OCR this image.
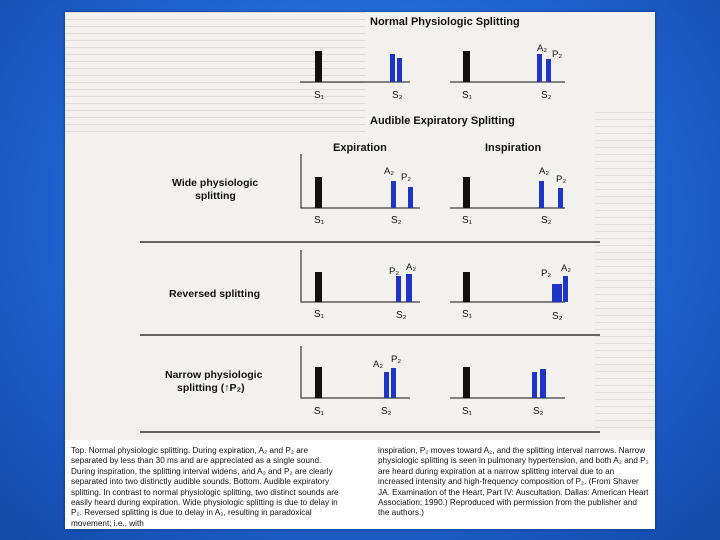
Normal Physiologic Splitting
Audible Expiratory Splitting
S₁	S₂
A₂
P₂
S₁	S₂
Expiration	Inspiration
Wide physiologic
splitting
A₂
P₂
S₁	S₂
A₂
P₂
S₁	S₂
Reversed splitting
P₂ A₂
S₁	S₂
P₂ A₂
S₁	S₂
Narrow physiologic
splitting (↑P₂)
A₂ P₂
S₁	S₂	S₁	S₂

Top. Normal physiologic splitting. During expiration, A₂ and P₂ are separated by less than 30 ms and are appreciated as a single sound. During inspiration, the splitting interval widens, and A₂ and P₂ are clearly separated into two distinctly audible sounds. Bottom. Audible expiratory splitting. In contrast to normal physiologic splitting, two distinct sounds are easily heard during expiration. Wide physiologic splitting is due to delay in P₂. Reversed splitting is due to delay in A₂, resulting in paradoxical movement; i.e., with

inspiration, P₂ moves toward A₂, and the splitting interval narrows. Narrow physiologic splitting is seen in pulmonary hypertension, and both A₂ and P₂ are heard during expiration at a narrow splitting interval due to an increased intensity and high-frequency composition of P₂. (From Shaver JA. Examination of the Heart, Part IV: Auscultation. Dallas: American Heart Association; 1990.) Reproduced with permission from the publisher and the authors.)
